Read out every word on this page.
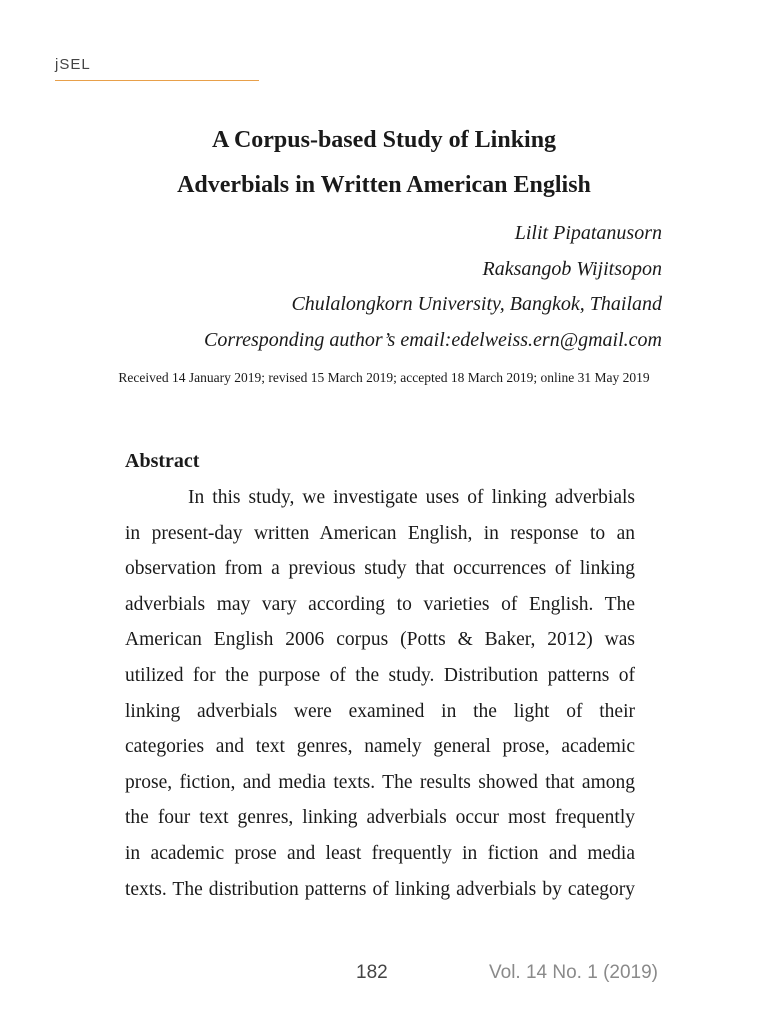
jSEL
A Corpus-based Study of Linking
Adverbials in Written American English
Lilit Pipatanusorn
Raksangob Wijitsopon
Chulalongkorn University, Bangkok, Thailand
Corresponding author’s email:edelweiss.ern@gmail.com
Received 14 January 2019; revised 15 March 2019; accepted 18 March 2019; online 31 May 2019
Abstract
In this study, we investigate uses of linking adverbials
in present-day written American English, in response to an
observation from a previous study that occurrences of linking
adverbials may vary according to varieties of English. The
American English 2006 corpus (Potts & Baker, 2012) was
utilized for the purpose of the study. Distribution patterns of
linking adverbials were examined in the light of their
categories and text genres, namely general prose, academic
prose, fiction, and media texts. The results showed that among
the four text genres, linking adverbials occur most frequently
in academic prose and least frequently in fiction and media
texts. The distribution patterns of linking adverbials by category
182	Vol. 14 No. 1 (2019)
